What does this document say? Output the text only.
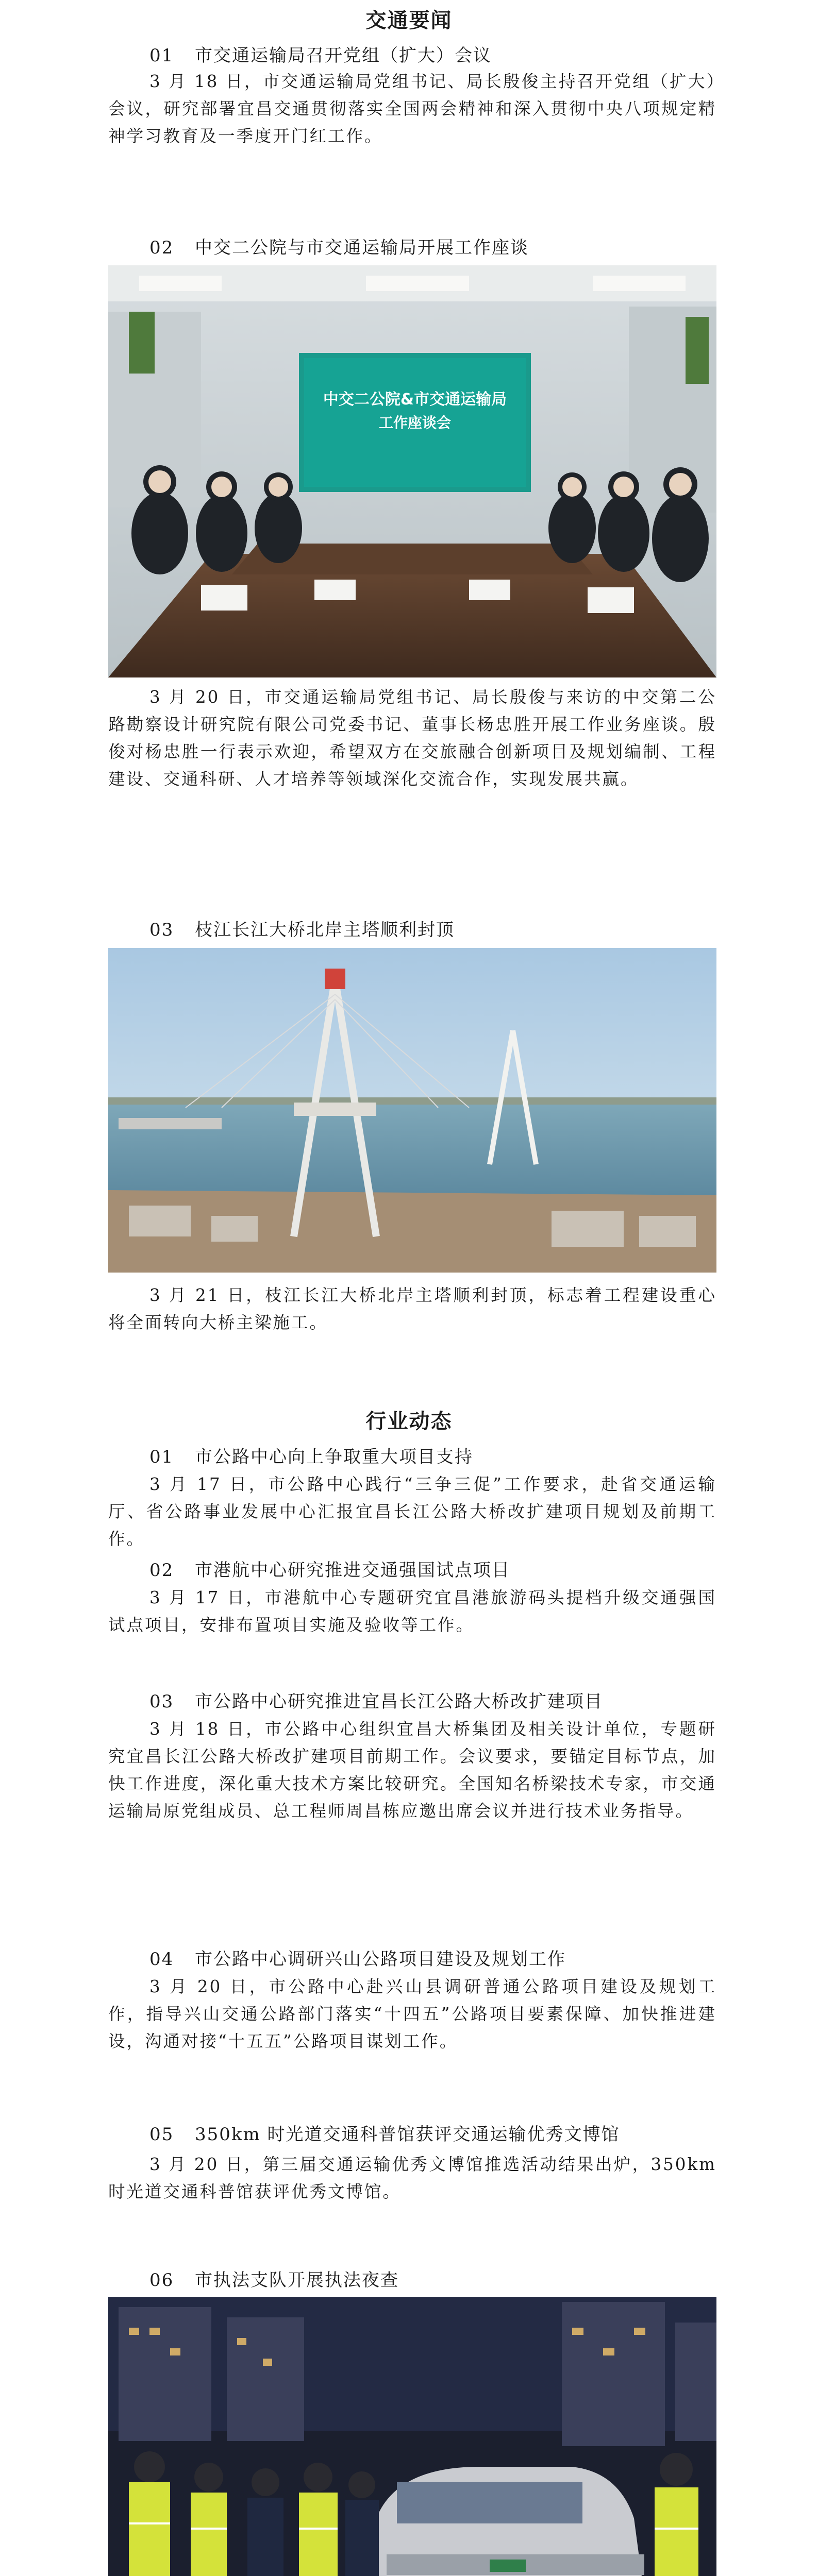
交通要闻
01 市交通运输局召开党组（扩大）会议
3 月 18 日，市交通运输局党组书记、局长殷俊主持召开党组（扩大）会议，研究部署宜昌交通贯彻落实全国两会精神和深入贯彻中央八项规定精神学习教育及一季度开门红工作。
02 中交二公院与市交通运输局开展工作座谈
中交二公院&市交通运输局
工作座谈会
3 月 20 日，市交通运输局党组书记、局长殷俊与来访的中交第二公路勘察设计研究院有限公司党委书记、董事长杨忠胜开展工作业务座谈。殷俊对杨忠胜一行表示欢迎，希望双方在交旅融合创新项目及规划编制、工程建设、交通科研、人才培养等领域深化交流合作，实现发展共赢。
03 枝江长江大桥北岸主塔顺利封顶
3 月 21 日，枝江长江大桥北岸主塔顺利封顶，标志着工程建设重心将全面转向大桥主梁施工。
行业动态
01 市公路中心向上争取重大项目支持
3 月 17 日，市公路中心践行“三争三促”工作要求，赴省交通运输厅、省公路事业发展中心汇报宜昌长江公路大桥改扩建项目规划及前期工作。
02 市港航中心研究推进交通强国试点项目
3 月 17 日，市港航中心专题研究宜昌港旅游码头提档升级交通强国试点项目，安排布置项目实施及验收等工作。
03 市公路中心研究推进宜昌长江公路大桥改扩建项目
3 月 18 日，市公路中心组织宜昌大桥集团及相关设计单位，专题研究宜昌长江公路大桥改扩建项目前期工作。会议要求，要锚定目标节点，加快工作进度，深化重大技术方案比较研究。全国知名桥梁技术专家，市交通运输局原党组成员、总工程师周昌栋应邀出席会议并进行技术业务指导。
04 市公路中心调研兴山公路项目建设及规划工作
3 月 20 日，市公路中心赴兴山县调研普通公路项目建设及规划工作，指导兴山交通公路部门落实“十四五”公路项目要素保障、加快推进建设，沟通对接“十五五”公路项目谋划工作。
05 350km 时光道交通科普馆获评交通运输优秀文博馆
3 月 20 日，第三届交通运输优秀文博馆推选活动结果出炉，350km 时光道交通科普馆获评优秀文博馆。
06 市执法支队开展执法夜查
